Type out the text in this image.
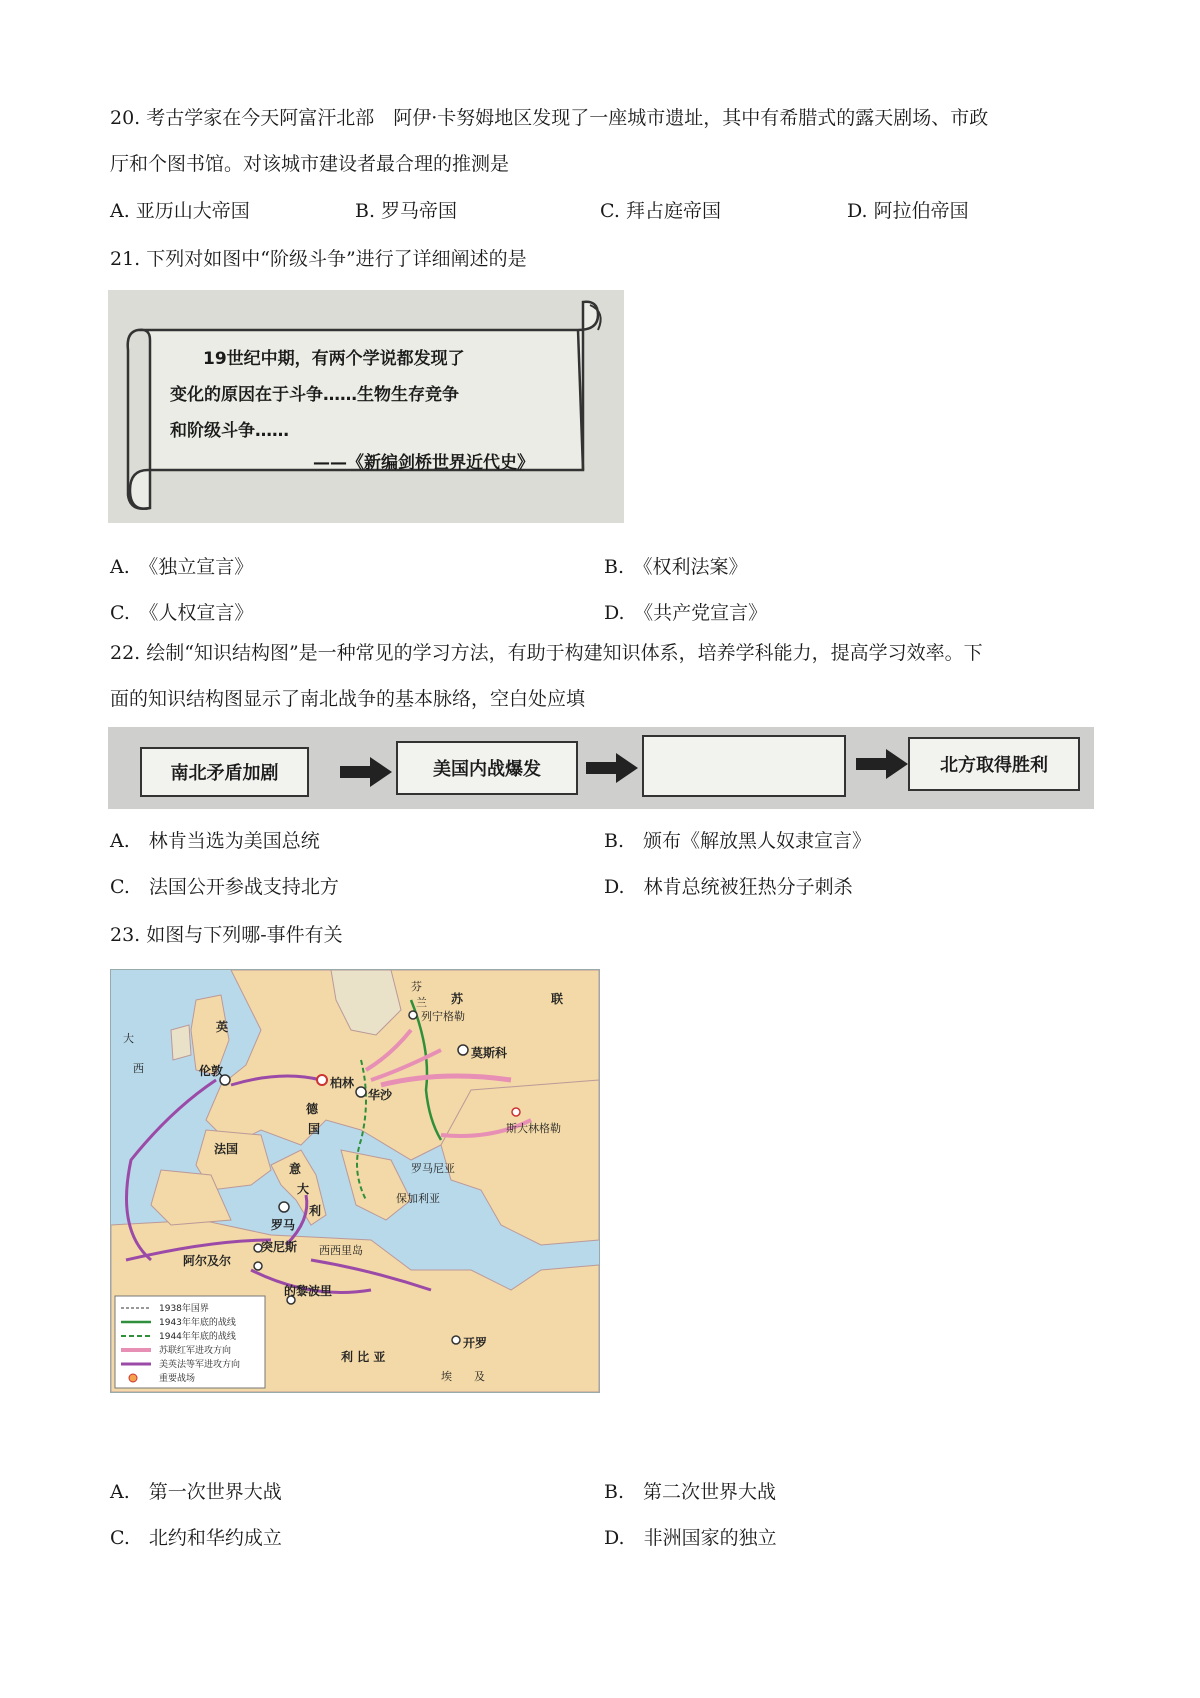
20. 考古学家在今天阿富汗北部　阿伊·卡努姆地区发现了一座城市遗址，其中有希腊式的露天剧场、市政
厅和个图书馆。对该城市建设者最合理的推测是
A. 亚历山大帝国	B. 罗马帝国	C. 拜占庭帝国	D. 阿拉伯帝国
21. 下列对如图中“阶级斗争”进行了详细阐述的是
19世纪中期，有两个学说都发现了
变化的原因在于斗争……生物生存竞争
和阶级斗争……
——《新编剑桥世界近代史》
A.　《独立宣言》	B.　《权利法案》
C.　《人权宣言》	D.　《共产党宣言》
22. 绘制“知识结构图”是一种常见的学习方法，有助于构建知识体系，培养学科能力，提高学习效率。下
面的知识结构图显示了南北战争的基本脉络，空白处应填
南北矛盾加剧	美国内战爆发	北方取得胜利
A.　林肯当选为美国总统	B.　颁布《解放黑人奴隶宣言》
C.　法国公开参战支持北方	D.　林肯总统被狂热分子刺杀
23. 如图与下列哪-事件有关
苏	联
芬
兰
列宁格勒
莫斯科
柏林
华沙
斯大林格勒
伦敦
法国
罗马
突尼斯
阿尔及尔
的黎波里
开罗
罗马尼亚
保加利亚
西西里岛
利 比 亚
埃　　及
英
大
西
德
国
意
大
利
1938年国界
1943年年底的战线
1944年年底的战线
苏联红军进攻方向
美英法等军进攻方向
重要战场
A.　第一次世界大战	B.　第二次世界大战
C.　北约和华约成立	D.　非洲国家的独立
